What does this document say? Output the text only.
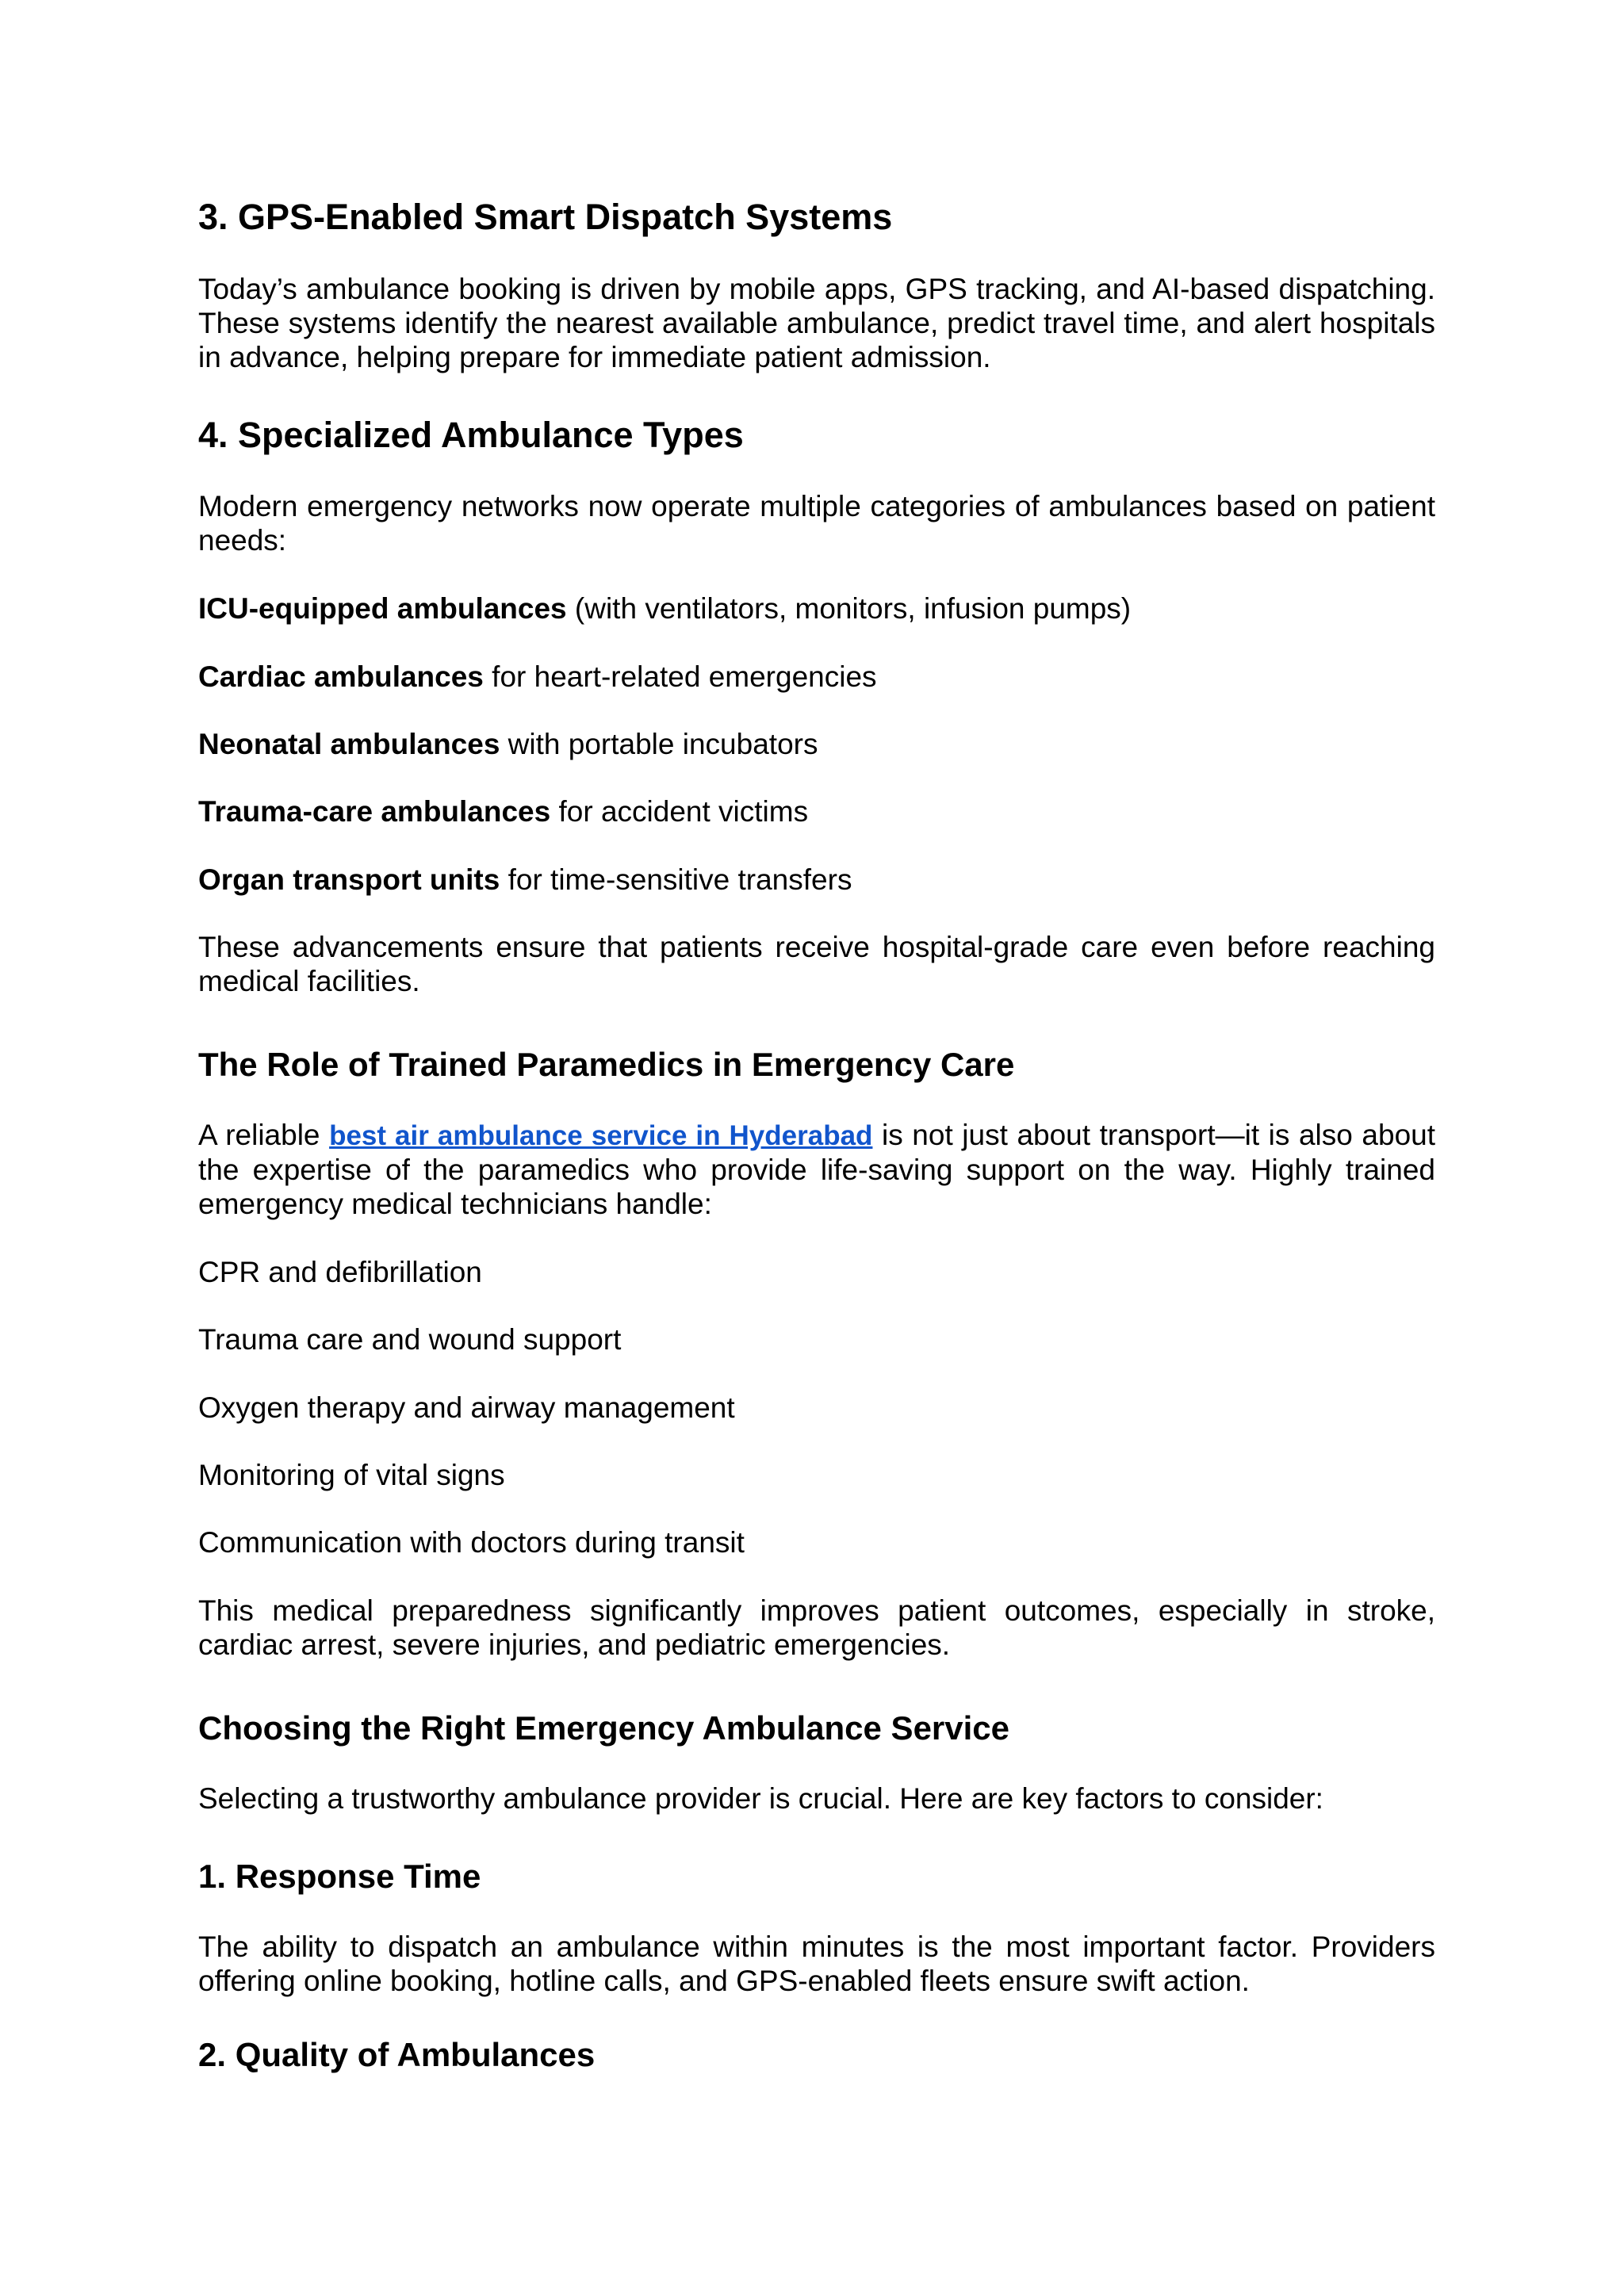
3. GPS-Enabled Smart Dispatch Systems

Today’s ambulance booking is driven by mobile apps, GPS tracking, and AI-based dispatching. These systems identify the nearest available ambulance, predict travel time, and alert hospitals in advance, helping prepare for immediate patient admission.

4. Specialized Ambulance Types

Modern emergency networks now operate multiple categories of ambulances based on patient needs:

ICU-equipped ambulances (with ventilators, monitors, infusion pumps)

Cardiac ambulances for heart-related emergencies

Neonatal ambulances with portable incubators

Trauma-care ambulances for accident victims

Organ transport units for time-sensitive transfers

These advancements ensure that patients receive hospital-grade care even before reaching medical facilities.

The Role of Trained Paramedics in Emergency Care

A reliable best air ambulance service in Hyderabad is not just about transport—it is also about the expertise of the paramedics who provide life-saving support on the way. Highly trained emergency medical technicians handle:

CPR and defibrillation

Trauma care and wound support

Oxygen therapy and airway management

Monitoring of vital signs

Communication with doctors during transit

This medical preparedness significantly improves patient outcomes, especially in stroke, cardiac arrest, severe injuries, and pediatric emergencies.

Choosing the Right Emergency Ambulance Service

Selecting a trustworthy ambulance provider is crucial. Here are key factors to consider:

1. Response Time

The ability to dispatch an ambulance within minutes is the most important factor. Providers offering online booking, hotline calls, and GPS-enabled fleets ensure swift action.

2. Quality of Ambulances
